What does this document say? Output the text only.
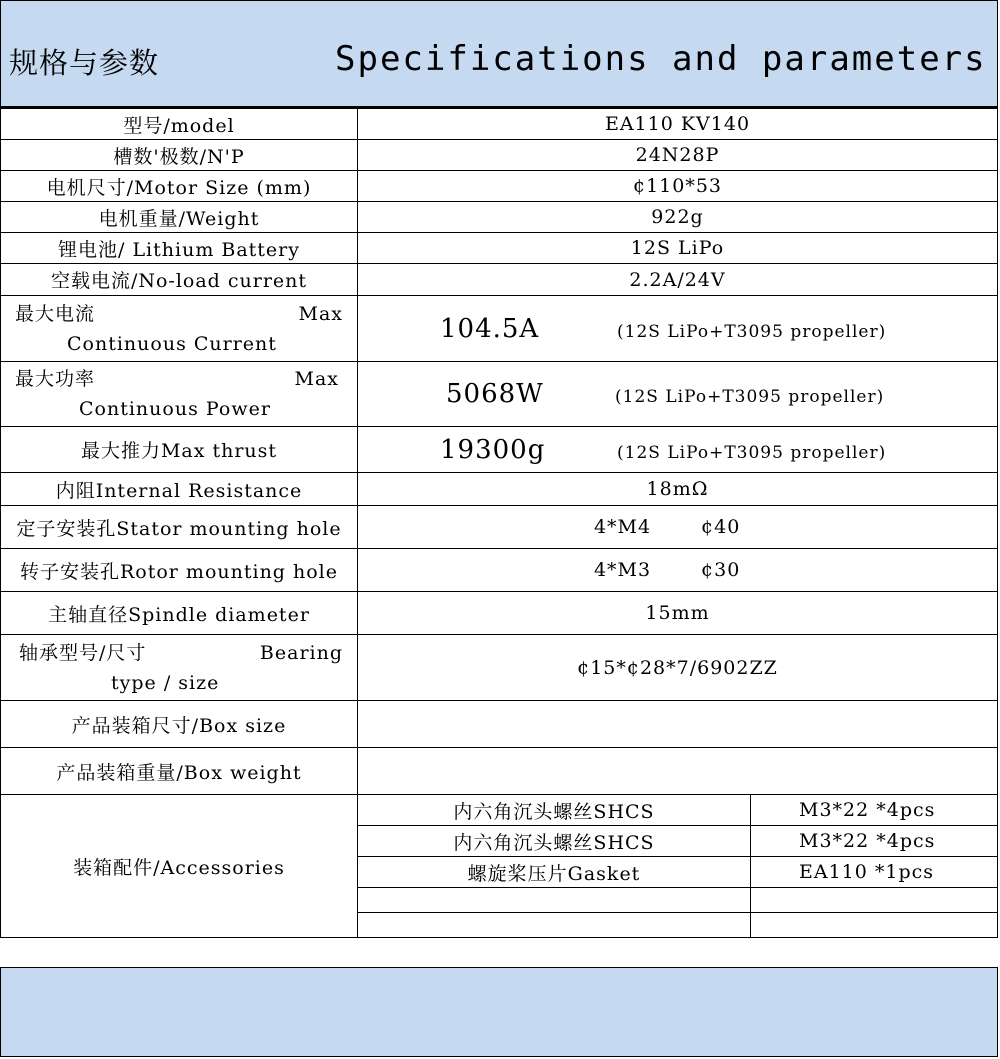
规格与参数	Specifications and parameters
型号/model	EA110 KV140	
槽数'极数/N'P	24N28P	
电机尺寸/Motor Size (mm)	¢110*53	
电机重量/Weight	922g	
锂电池/ Lithium Battery	12S LiPo	
空载电流/No-load current	2.2A/24V	
最大电流 Max
Continuous Current	104.5A (12S LiPo+T3095 propeller)	
最大功率 Max
Continuous Power	5068W (12S LiPo+T3095 propeller)	
最大推力Max thrust	19300g (12S LiPo+T3095 propeller)	
内阻Internal Resistance	18mΩ	
定子安装孔Stator mounting hole	4*M4 ¢40	
转子安装孔Rotor mounting hole	4*M3 ¢30	
主轴直径Spindle diameter	15mm	
轴承型号/尺寸 Bearing
type / size	¢15*¢28*7/6902ZZ	
产品装箱尺寸/Box size		
产品装箱重量/Box weight		
装箱配件/Accessories	内六角沉头螺丝SHCS	M3*22 *4pcs
	内六角沉头螺丝SHCS	M3*22 *4pcs
	螺旋桨压片Gasket	EA110 *1pcs
